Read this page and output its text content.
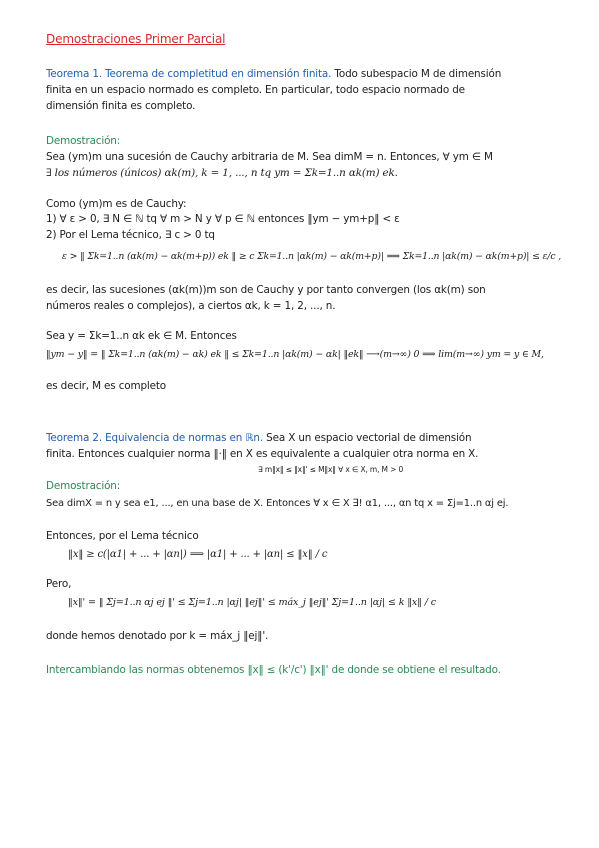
Demostraciones Primer Parcial
Teorema 1. Teorema de completitud en dimensión finita. Todo subespacio M de dimensión
finita en un espacio normado es completo. En particular, todo espacio normado de
dimensión finita es completo.
Demostración:
Sea (ym)m una sucesión de Cauchy arbitraria de M. Sea dimM = n. Entonces, ∀ ym ∈ M
∃ los números (únicos) αk(m), k = 1, ..., n tq ym = Σk=1..n αk(m) ek.
Como (ym)m es de Cauchy:
1) ∀ ε > 0, ∃ N ∈ ℕ tq ∀ m > N y ∀ p ∈ ℕ entonces ‖ym − ym+p‖ < ε
2) Por el Lema técnico, ∃ c > 0 tq
ε > ‖ Σk=1..n (αk(m) − αk(m+p)) ek ‖ ≥ c Σk=1..n |αk(m) − αk(m+p)| ⟹ Σk=1..n |αk(m) − αk(m+p)| ≤ ε/c ,
es decir, las sucesiones (αk(m))m son de Cauchy y por tanto convergen (los αk(m) son
números reales o complejos), a ciertos αk, k = 1, 2, ..., n.
Sea y = Σk=1..n αk ek ∈ M. Entonces
‖ym − y‖ = ‖ Σk=1..n (αk(m) − αk) ek ‖ ≤ Σk=1..n |αk(m) − αk| ‖ek‖ ⟶(m→∞) 0 ⟹ lim(m→∞) ym = y ∈ M,
es decir, M es completo
Teorema 2. Equivalencia de normas en ℝn. Sea X un espacio vectorial de dimensión
finita. Entonces cualquier norma ‖·‖ en X es equivalente a cualquier otra norma en X.
∃ m‖x‖ ≤ ‖x‖' ≤ M‖x‖ ∀ x ∈ X, m, M > 0
Demostración:
Sea dimX = n y sea e1, ..., en una base de X. Entonces ∀ x ∈ X ∃! α1, ..., αn tq x = Σj=1..n αj ej.
Entonces, por el Lema técnico
‖x‖ ≥ c(|α1| + ... + |αn|) ⟹ |α1| + ... + |αn| ≤ ‖x‖ / c
Pero,
‖x‖' = ‖ Σj=1..n αj ej ‖' ≤ Σj=1..n |αj| ‖ej‖' ≤ máx_j ‖ej‖' Σj=1..n |αj| ≤ k ‖x‖ / c
donde hemos denotado por k = máx_j ‖ej‖'.
Intercambiando las normas obtenemos ‖x‖ ≤ (k'/c') ‖x‖' de donde se obtiene el resultado.
